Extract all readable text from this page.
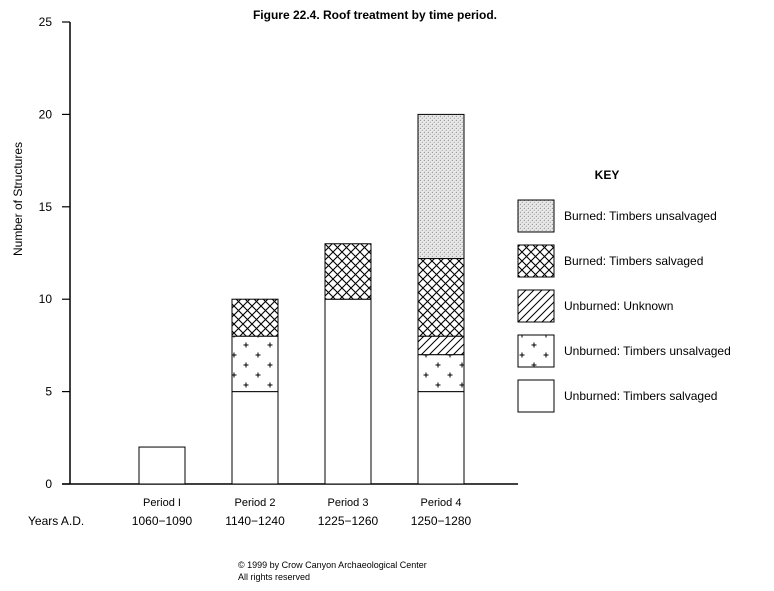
Figure 22.4. Roof treatment by time period.
Number of Structures
0
5
10
15
20
25
Period I
1060−1090
Period 2
1140−1240
Period 3
1225−1260
Period 4
1250−1280
Years A.D.
KEY
Burned: Timbers unsalvaged
Burned: Timbers salvaged
Unburned: Unknown
Unburned: Timbers unsalvaged
Unburned: Timbers salvaged
© 1999 by Crow Canyon Archaeological Center
All rights reserved
